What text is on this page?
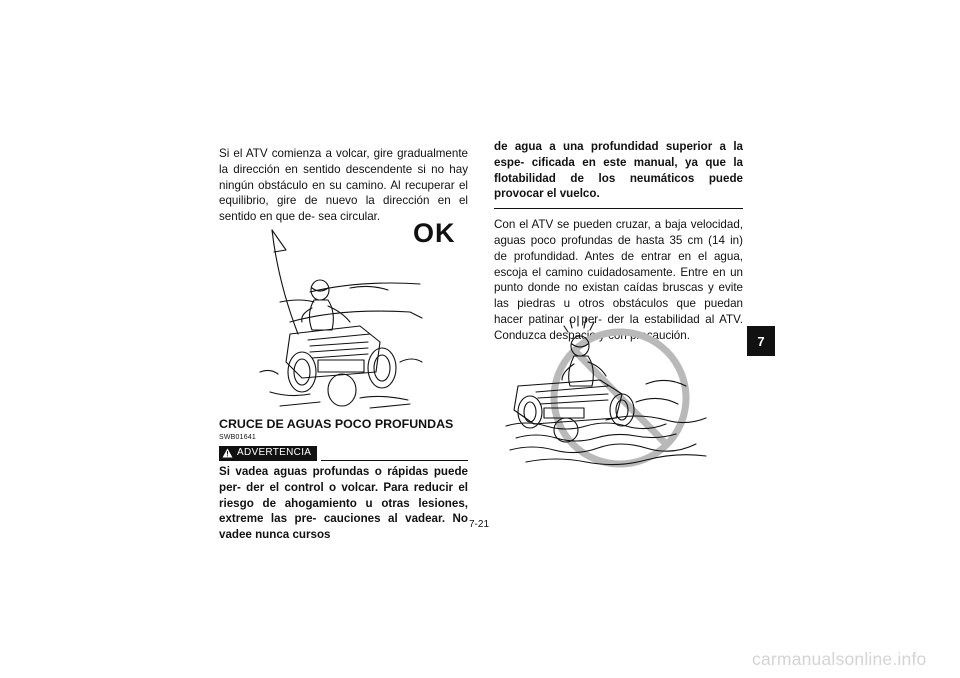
Si el ATV comienza a volcar, gire gradualmente la dirección en sentido descendente si no hay ningún obstáculo en su camino. Al recuperar el equilibrio, gire de nuevo la dirección en el sentido en que de- sea circular.

OK

CRUCE DE AGUAS POCO PROFUNDAS

SWB01641

ADVERTENCIA

Si vadea aguas profundas o rápidas puede per- der el control o volcar. Para reducir el riesgo de ahogamiento u otras lesiones, extreme las pre- cauciones al vadear. No vadee nunca cursos

de agua a una profundidad superior a la espe- cificada en este manual, ya que la flotabilidad de los neumáticos puede provocar el vuelco.

Con el ATV se pueden cruzar, a baja velocidad, aguas poco profundas de hasta 35 cm (14 in) de profundidad. Antes de entrar en el agua, escoja el camino cuidadosamente. Entre en un punto donde no existan caídas bruscas y evite las piedras u otros obstáculos que puedan hacer patinar o per- der la estabilidad al ATV. Conduzca despacio y con precaución.

7-21
7
carmanualsonline.info
